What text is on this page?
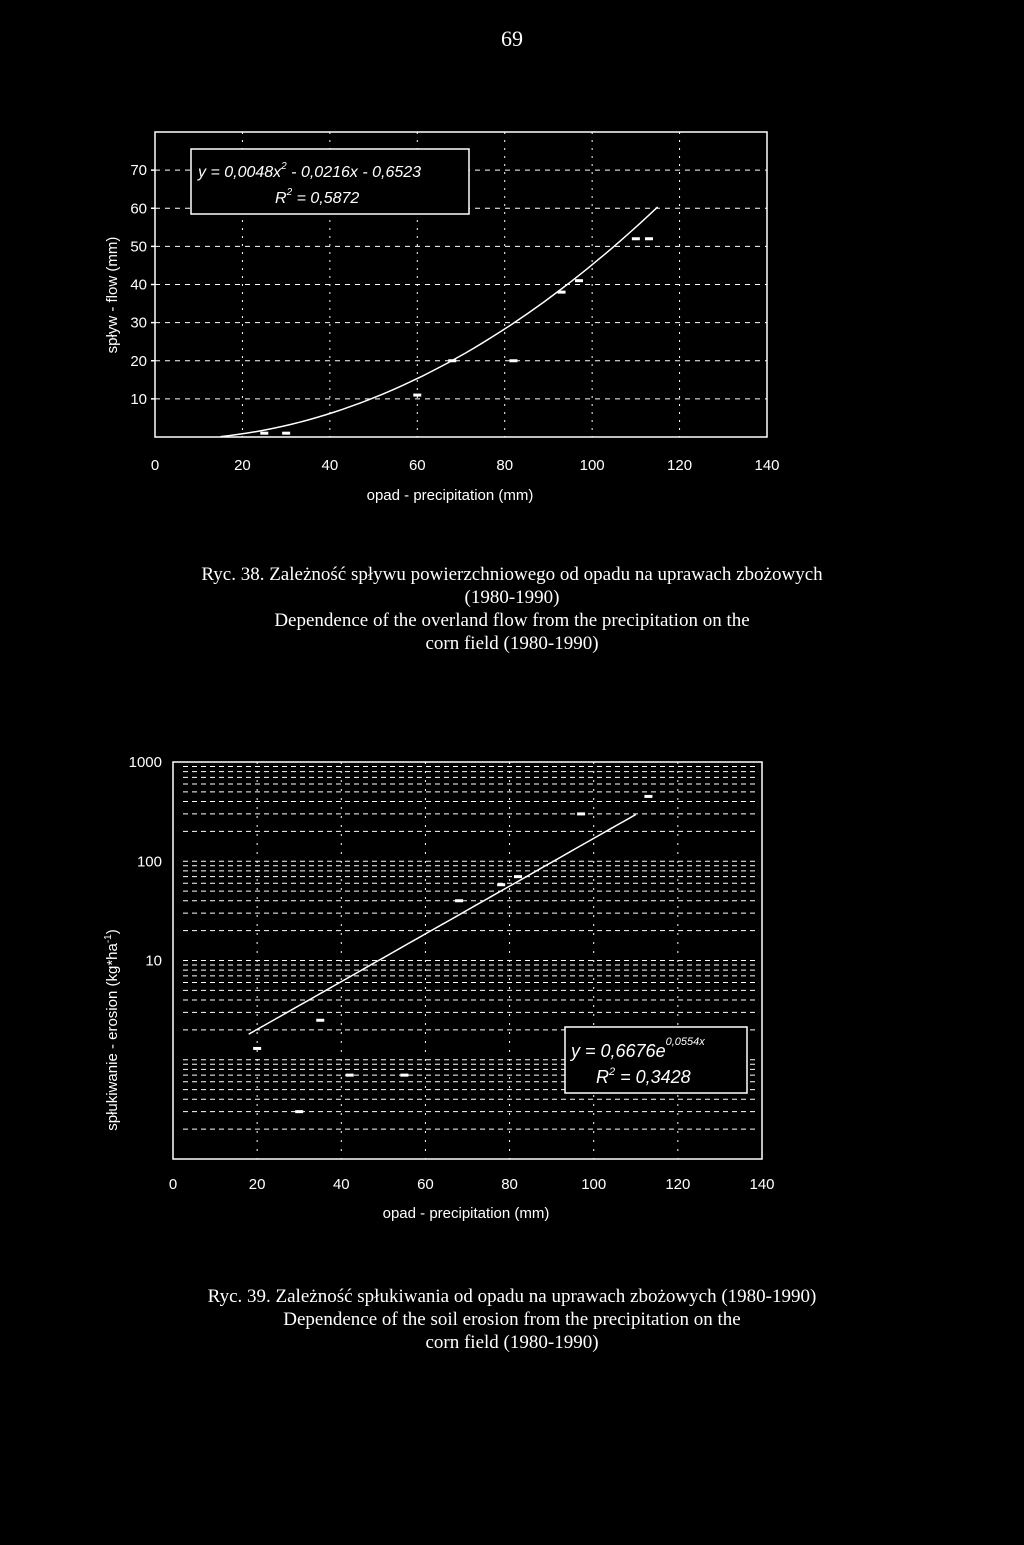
69
10
20
30
40
50
60
70
0	20	40	60	80	100	120	140
opad - precipitation (mm)
spływ - flow (mm)
$y = 0,0048x^2 - 0,0216x - 0,6523$
$R^2 = 0,5872$
Ryc. 38. Zależność spływu powierzchniowego od opadu na uprawach zbożowych
(1980-1990)
Dependence of the overland flow from the precipitation on the
corn field (1980-1990)
1000
100
10
0	20	40	60	80	100	120	140
opad - precipitation (mm)
spłukiwanie - erosion $(kg*ha^{-1})$
$y = 0,6676e^{0,0554x}$
$R^2 = 0,3428$
Ryc. 39. Zależność spłukiwania od opadu na uprawach zbożowych (1980-1990)
Dependence of the soil erosion from the precipitation on the
corn field (1980-1990)
